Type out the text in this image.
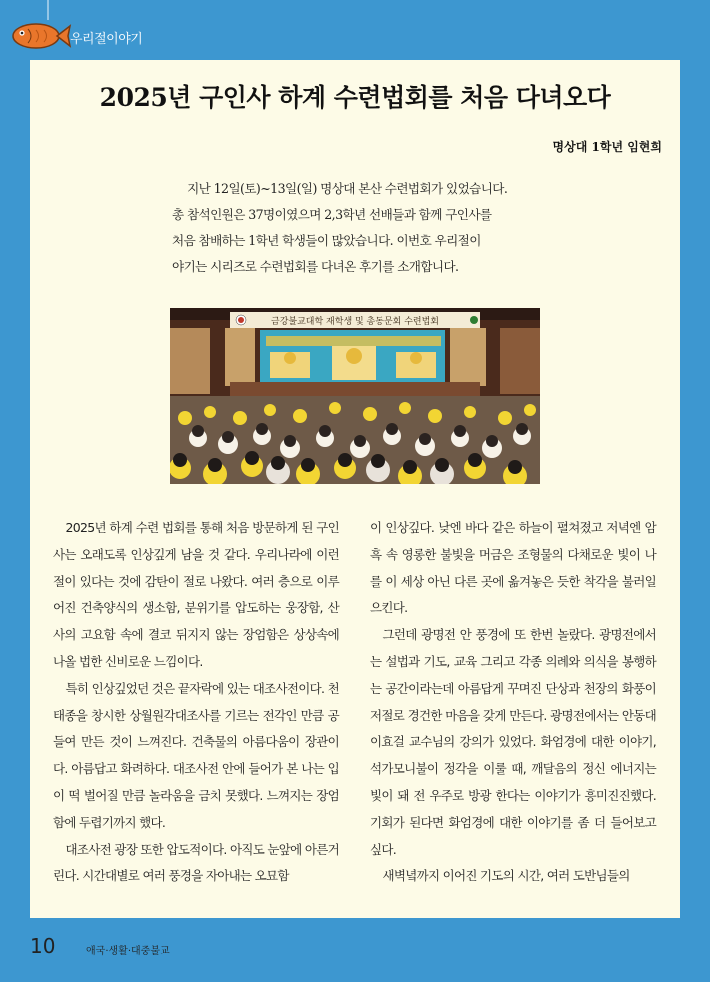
우리절이야기
2025년 구인사 하계 수련법회를 처음 다녀오다
명상대 1학년 임현희

지난 12일(토)~13일(일) 명상대 본산 수련법회가 있었습니다.

총 참석인원은 37명이였으며 2,3학년 선배들과 함께 구인사를
처음 참배하는 1학년 학생들이 많았습니다. 이번호 우리절이
야기는 시리즈로 수련법회를 다녀온 후기를 소개합니다.
금강불교대학 재학생 및 총동문회 수련법회

2025년 하계 수련 법회를 통해 처음 방문하게 된 구인사는 오래도록 인상깊게 남을 것 같다. 우리나라에 이런 절이 있다는 것에 감탄이 절로 나왔다. 여러 층으로 이루어진 건축양식의 생소함, 분위기를 압도하는 웅장함, 산사의 고요함 속에 결코 뒤지지 않는 장엄함은 상상속에 나올 법한 신비로운 느낌이다.

특히 인상깊었던 것은 끝자락에 있는 대조사전이다. 천태종을 창시한 상월원각대조사를 기르는 전각인 만큼 공들여 만든 것이 느껴진다. 건축물의 아름다움이 장관이다. 아름답고 화려하다. 대조사전 안에 들어가 본 나는 입이 떡 벌어질 만큼 놀라움을 금치 못했다. 느껴지는 장엄함에 두렵기까지 했다.

대조사전 광장 또한 압도적이다. 아직도 눈앞에 아른거린다. 시간대별로 여러 풍경을 자아내는 오묘함

이 인상깊다. 낮엔 바다 같은 하늘이 펼쳐졌고 저녁엔 암흑 속 영롱한 불빛을 머금은 조형물의 다채로운 빛이 나를 이 세상 아닌 다른 곳에 옮겨놓은 듯한 착각을 불러일으킨다.

그런데 광명전 안 풍경에 또 한번 놀랐다. 광명전에서는 설법과 기도, 교육 그리고 각종 의례와 의식을 봉행하는 공간이라는데 아름답게 꾸며진 단상과 천장의 화풍이 저절로 경건한 마음을 갖게 만든다. 광명전에서는 안동대 이효걸 교수님의 강의가 있었다. 화엄경에 대한 이야기, 석가모니불이 정각을 이룰 때, 깨달음의 정신 에너지는 빛이 돼 전 우주로 방광 한다는 이야기가 흥미진진했다. 기회가 된다면 화엄경에 대한 이야기를 좀 더 들어보고 싶다.

새벽녘까지 이어진 기도의 시간, 여러 도반님들의

10	애국·생활·대중불교
